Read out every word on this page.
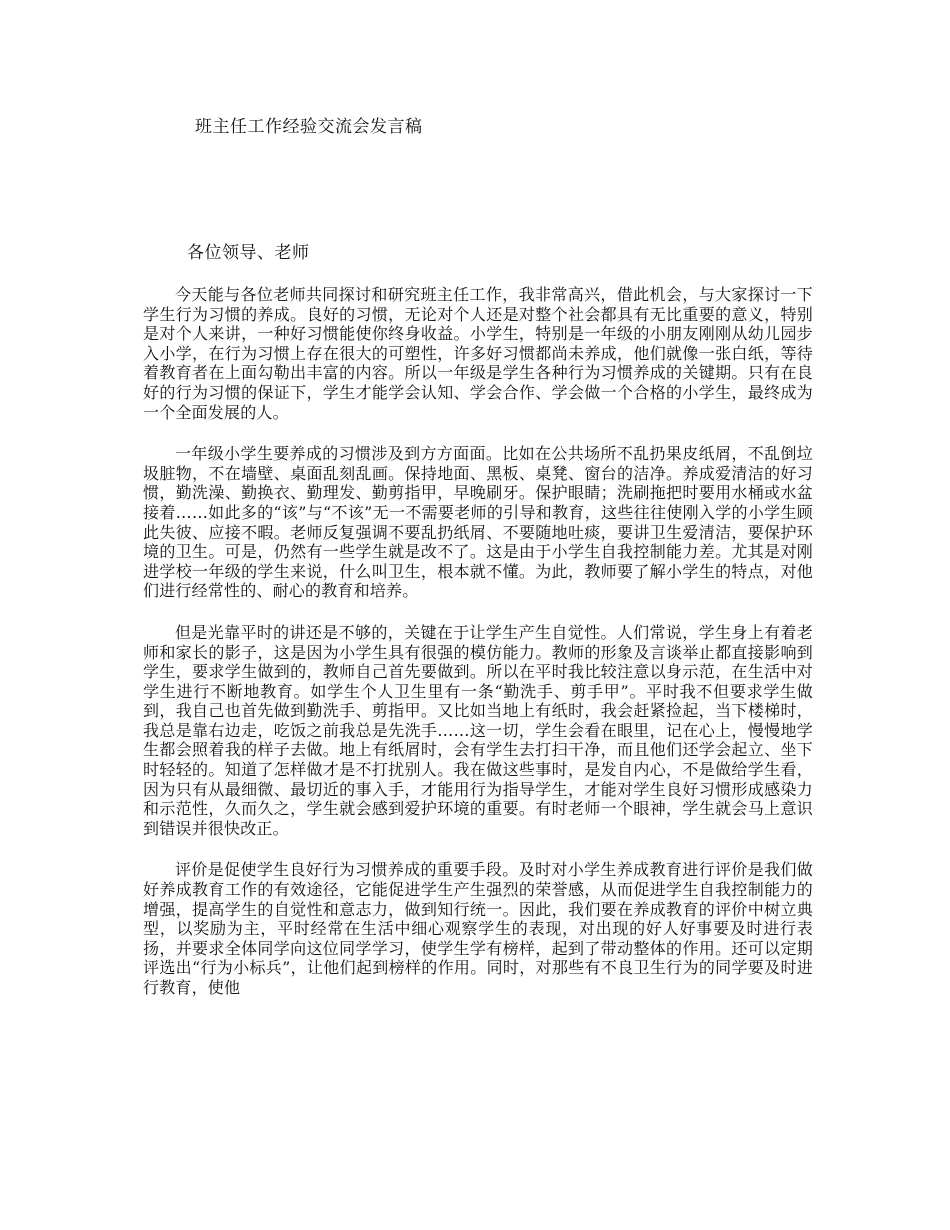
班主任工作经验交流会发言稿

各位领导、老师

今天能与各位老师共同探讨和研究班主任工作，我非常高兴，借此机会，与大家探讨一下学生行为习惯的养成。良好的习惯，无论对个人还是对整个社会都具有无比重要的意义，特别是对个人来讲，一种好习惯能使你终身收益。小学生，特别是一年级的小朋友刚刚从幼儿园步入小学，在行为习惯上存在很大的可塑性，许多好习惯都尚未养成，他们就像一张白纸，等待着教育者在上面勾勒出丰富的内容。所以一年级是学生各种行为习惯养成的关键期。只有在良好的行为习惯的保证下，学生才能学会认知、学会合作、学会做一个合格的小学生，最终成为一个全面发展的人。

一年级小学生要养成的习惯涉及到方方面面。比如在公共场所不乱扔果皮纸屑，不乱倒垃圾脏物，不在墙壁、桌面乱刻乱画。保持地面、黑板、桌凳、窗台的洁净。养成爱清洁的好习惯，勤洗澡、勤换衣、勤理发、勤剪指甲，早晚刷牙。保护眼睛；洗刷拖把时要用水桶或水盆接着……如此多的“该”与“不该”无一不需要老师的引导和教育，这些往往使刚入学的小学生顾此失彼、应接不暇。老师反复强调不要乱扔纸屑、不要随地吐痰，要讲卫生爱清洁，要保护环境的卫生。可是，仍然有一些学生就是改不了。这是由于小学生自我控制能力差。尤其是对刚进学校一年级的学生来说，什么叫卫生，根本就不懂。为此，教师要了解小学生的特点，对他们进行经常性的、耐心的教育和培养。

但是光靠平时的讲还是不够的，关键在于让学生产生自觉性。人们常说，学生身上有着老师和家长的影子，这是因为小学生具有很强的模仿能力。教师的形象及言谈举止都直接影响到学生，要求学生做到的，教师自己首先要做到。所以在平时我比较注意以身示范，在生活中对学生进行不断地教育。如学生个人卫生里有一条“勤洗手、剪手甲”。平时我不但要求学生做到，我自己也首先做到勤洗手、剪指甲。又比如当地上有纸时，我会赶紧捡起，当下楼梯时，我总是靠右边走，吃饭之前我总是先洗手……这一切，学生会看在眼里，记在心上，慢慢地学生都会照着我的样子去做。地上有纸屑时，会有学生去打扫干净，而且他们还学会起立、坐下时轻轻的。知道了怎样做才是不打扰别人。我在做这些事时，是发自内心，不是做给学生看，因为只有从最细微、最切近的事入手，才能用行为指导学生，才能对学生良好习惯形成感染力和示范性，久而久之，学生就会感到爱护环境的重要。有时老师一个眼神，学生就会马上意识到错误并很快改正。

评价是促使学生良好行为习惯养成的重要手段。及时对小学生养成教育进行评价是我们做好养成教育工作的有效途径，它能促进学生产生强烈的荣誉感，从而促进学生自我控制能力的增强，提高学生的自觉性和意志力，做到知行统一。因此，我们要在养成教育的评价中树立典型，以奖励为主，平时经常在生活中细心观察学生的表现，对出现的好人好事要及时进行表扬，并要求全体同学向这位同学学习，使学生学有榜样，起到了带动整体的作用。还可以定期评选出“行为小标兵”，让他们起到榜样的作用。同时，对那些有不良卫生行为的同学要及时进行教育，使他
